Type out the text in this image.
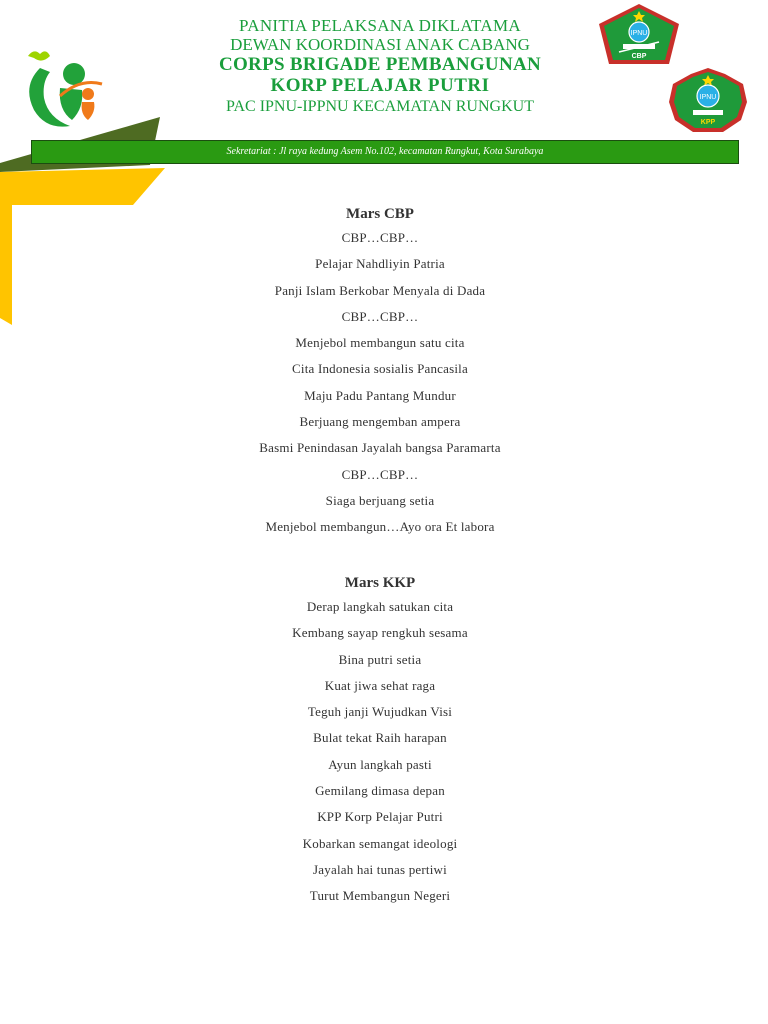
PANITIA PELAKSANA DIKLATAMA
DEWAN KOORDINASI ANAK CABANG
CORPS BRIGADE PEMBANGUNAN
KORP PELAJAR PUTRI
PAC IPNU-IPPNU KECAMATAN RUNGKUT
IPNU
CBP
IPNU
KPP
Sekretariat : Jl raya kedung Asem No.102, kecamatan Rungkut, Kota Surabaya
Mars CBP
CBP…CBP…
Pelajar Nahdliyin Patria
Panji Islam Berkobar Menyala di Dada
CBP…CBP…
Menjebol membangun satu cita
Cita Indonesia sosialis Pancasila
Maju Padu Pantang Mundur
Berjuang mengemban ampera
Basmi Penindasan Jayalah bangsa Paramarta
CBP…CBP…
Siaga berjuang setia
Menjebol membangun…Ayo ora Et labora
Mars KKP
Derap langkah satukan cita
Kembang sayap rengkuh sesama
Bina putri setia
Kuat jiwa sehat raga
Teguh janji Wujudkan Visi
Bulat tekat Raih harapan
Ayun langkah pasti
Gemilang dimasa depan
KPP Korp Pelajar Putri
Kobarkan semangat ideologi
Jayalah hai tunas pertiwi
Turut Membangun Negeri
